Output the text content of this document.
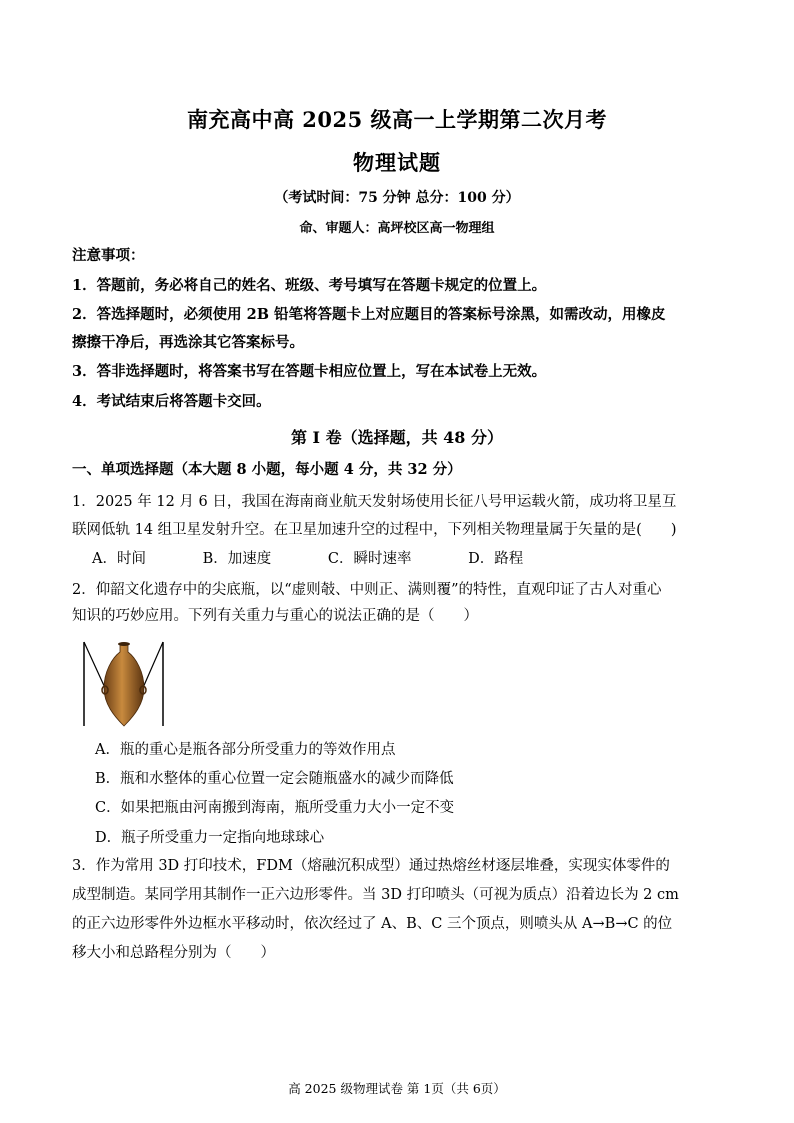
南充高中高 2025 级高一上学期第二次月考
物理试题
（考试时间：75 分钟 总分：100 分）
命、审题人：高坪校区高一物理组
注意事项：
1．答题前，务必将自己的姓名、班级、考号填写在答题卡规定的位置上。
2．答选择题时，必须使用 2B 铅笔将答题卡上对应题目的答案标号涂黑，如需改动，用橡皮
擦擦干净后，再选涂其它答案标号。
3．答非选择题时，将答案书写在答题卡相应位置上，写在本试卷上无效。
4．考试结束后将答题卡交回。
第 I 卷（选择题，共 48 分）
一、单项选择题（本大题 8 小题，每小题 4 分，共 32 分）
1．2025 年 12 月 6 日，我国在海南商业航天发射场使用长征八号甲运载火箭，成功将卫星互
联网低轨 14 组卫星发射升空。在卫星加速升空的过程中，下列相关物理量属于矢量的是(　　)
A．时间	B．加速度	C．瞬时速率	D．路程
2．仰韶文化遗存中的尖底瓶，以“虚则攲、中则正、满则覆”的特性，直观印证了古人对重心
知识的巧妙应用。下列有关重力与重心的说法正确的是（　　）
A．瓶的重心是瓶各部分所受重力的等效作用点
B．瓶和水整体的重心位置一定会随瓶盛水的减少而降低
C．如果把瓶由河南搬到海南，瓶所受重力大小一定不变
D．瓶子所受重力一定指向地球球心
3．作为常用 3D 打印技术，FDM（熔融沉积成型）通过热熔丝材逐层堆叠，实现实体零件的
成型制造。某同学用其制作一正六边形零件。当 3D 打印喷头（可视为质点）沿着边长为 2 cm
的正六边形零件外边框水平移动时，依次经过了 A、B、C 三个顶点，则喷头从 A→B→C 的位
移大小和总路程分别为（　　）
高 2025 级物理试卷 第 1页（共 6页）
